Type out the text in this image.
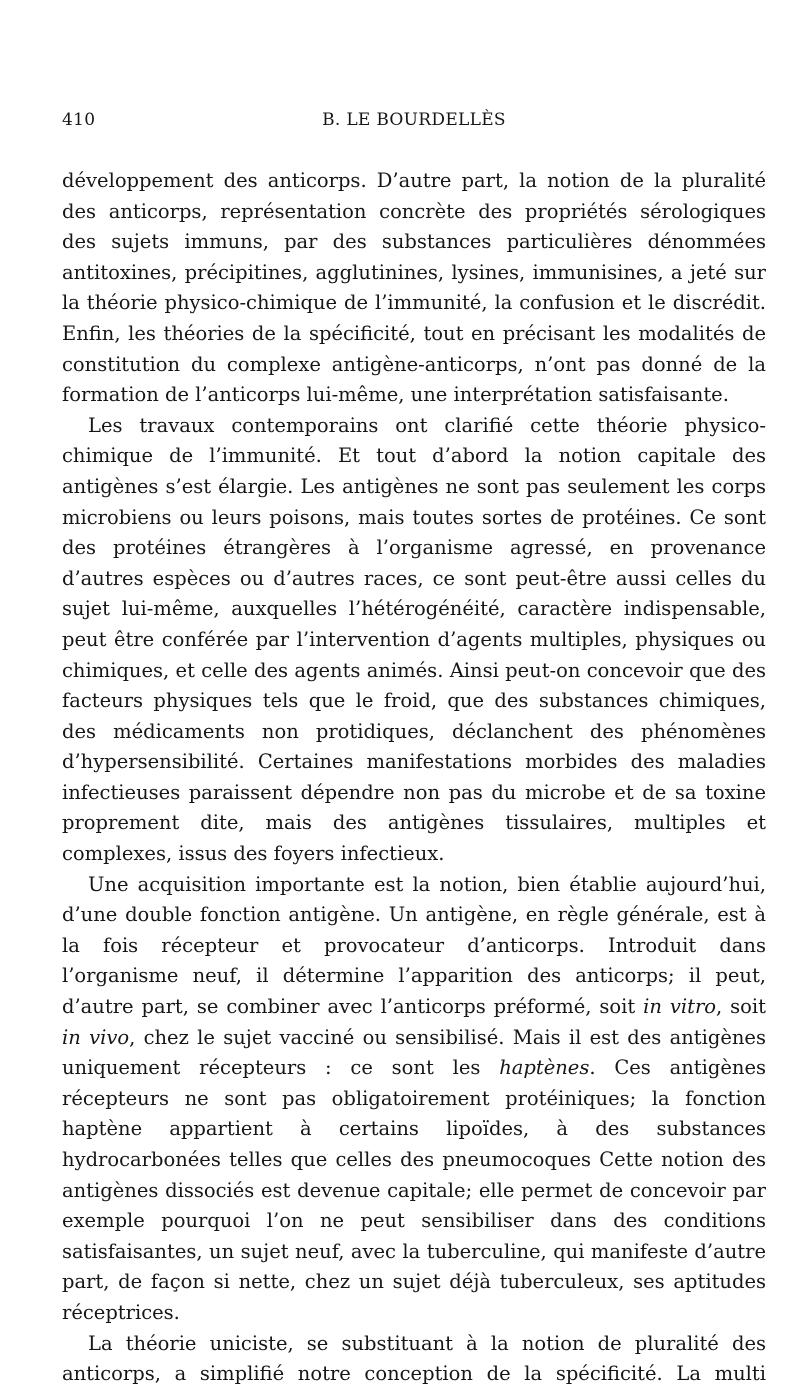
410	B. LE BOURDELLÈS

développement des anticorps. D’autre part, la notion de la pluralité des anticorps, représentation concrète des propriétés sérologiques des sujets immuns, par des substances particulières dénommées antitoxines, précipitines, agglutinines, lysines, immunisines, a jeté sur la théorie physico-chimique de l’immunité, la confusion et le discrédit. Enfin, les théories de la spécificité, tout en précisant les modalités de constitution du complexe antigène-anticorps, n’ont pas donné de la formation de l’anticorps lui-même, une interprétation satisfaisante.

Les travaux contemporains ont clarifié cette théorie physico-chimique de l’immunité. Et tout d’abord la notion capitale des antigènes s’est élargie. Les antigènes ne sont pas seulement les corps microbiens ou leurs poisons, mais toutes sortes de protéines. Ce sont des protéines étrangères à l’organisme agressé, en provenance d’autres espèces ou d’autres races, ce sont peut-être aussi celles du sujet lui-même, auxquelles l’hétérogénéité, caractère indispensable, peut être conférée par l’intervention d’agents multiples, physiques ou chimiques, et celle des agents animés. Ainsi peut-on concevoir que des facteurs physiques tels que le froid, que des substances chimiques, des médicaments non protidiques, déclanchent des phénomènes d’hypersensibilité. Certaines manifestations morbides des maladies infectieuses paraissent dépendre non pas du microbe et de sa toxine proprement dite, mais des antigènes tissulaires, multiples et complexes, issus des foyers infectieux.

Une acquisition importante est la notion, bien établie aujourd’hui, d’une double fonction antigène. Un antigène, en règle générale, est à la fois récepteur et provocateur d’anticorps. Introduit dans l’organisme neuf, il détermine l’apparition des anticorps; il peut, d’autre part, se combiner avec l’anticorps préformé, soit in vitro, soit in vivo, chez le sujet vacciné ou sensibilisé. Mais il est des antigènes uniquement récepteurs : ce sont les haptènes. Ces antigènes récepteurs ne sont pas obligatoirement protéiniques; la fonction haptène appartient à certains lipoïdes, à des substances hydrocarbonées telles que celles des pneumocoques Cette notion des antigènes dissociés est devenue capitale; elle permet de concevoir par exemple pourquoi l’on ne peut sensibiliser dans des conditions satisfaisantes, un sujet neuf, avec la tuberculine, qui manifeste d’autre part, de façon si nette, chez un sujet déjà tuberculeux, ses aptitudes réceptrices.

La théorie uniciste, se substituant à la notion de pluralité des anticorps, a simplifié notre conception de la spécificité. La multi
